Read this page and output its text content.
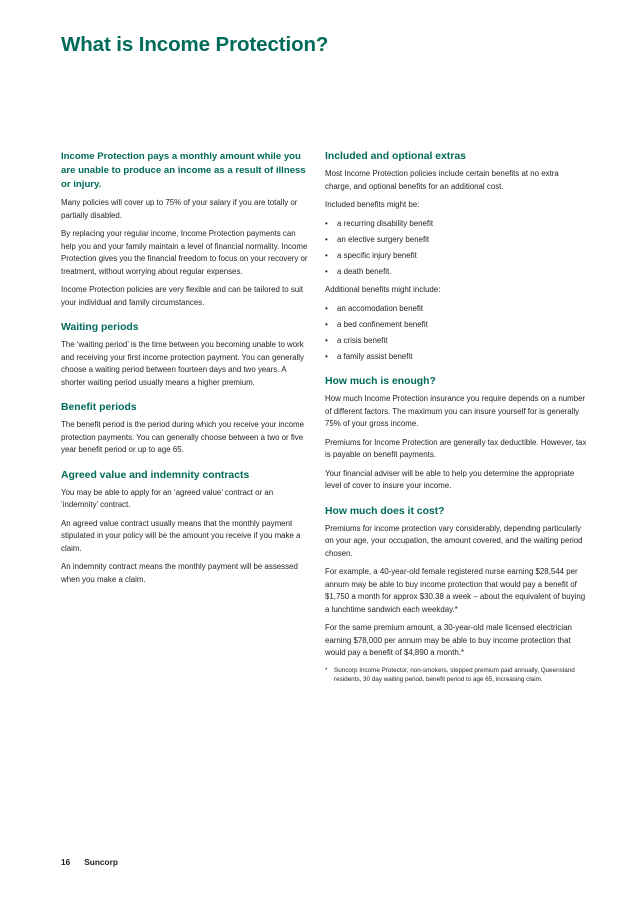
What is Income Protection?
Income Protection pays a monthly amount while you are unable to produce an income as a result of illness or injury.

Many policies will cover up to 75% of your salary if you are totally or partially disabled.

By replacing your regular income, Income Protection payments can help you and your family maintain a level of financial normality. Income Protection gives you the financial freedom to focus on your recovery or treatment, without worrying about regular expenses.

Income Protection policies are very flexible and can be tailored to suit your individual and family circumstances.

Waiting periods

The ‘waiting period’ is the time between you becoming unable to work and receiving your first income protection payment. You can generally choose a waiting period between fourteen days and two years. A shorter waiting period usually means a higher premium.

Benefit periods

The benefit period is the period during which you receive your income protection payments. You can generally choose between a two or five year benefit period or up to age 65.

Agreed value and indemnity contracts

You may be able to apply for an ‘agreed value’ contract or an ‘indemnity’ contract.

An agreed value contract usually means that the monthly payment stipulated in your policy will be the amount you receive if you make a claim.

An indemnity contract means the monthly payment will be assessed when you make a claim.

Included and optional extras

Most Income Protection policies include certain benefits at no extra charge, and optional benefits for an additional cost.

Included benefits might be:

• a recurring disability benefit
• an elective surgery benefit
• a specific injury benefit
• a death benefit.

Additional benefits might include:

• an accomodation benefit
• a bed confinement benefit
• a crisis benefit
• a family assist benefit
How much is enough?

How much Income Protection insurance you require depends on a number of different factors. The maximum you can insure yourself for is generally 75% of your gross income.

Premiums for Income Protection are generally tax deductible. However, tax is payable on benefit payments.

Your financial adviser will be able to help you determine the appropriate level of cover to insure your income.

How much does it cost?

Premiums for income protection vary considerably, depending particularly on your age, your occupation, the amount covered, and the waiting period chosen.

For example, a 40-year-old female registered nurse earning $28,544 per annum may be able to buy income protection that would pay a benefit of $1,750 a month for approx $30.38 a week – about the equivalent of buying a lunchtime sandwich each weekday.*

For the same premium amount, a 30-year-old male licensed electrician earning $78,000 per annum may be able to buy income protection that would pay a benefit of $4,890 a month.*

* Suncorp Income Protector, non-smokers, stepped premium paid annually, Queensland residents, 30 day waiting period, benefit period to age 65, increasing claim.
16 Suncorp
